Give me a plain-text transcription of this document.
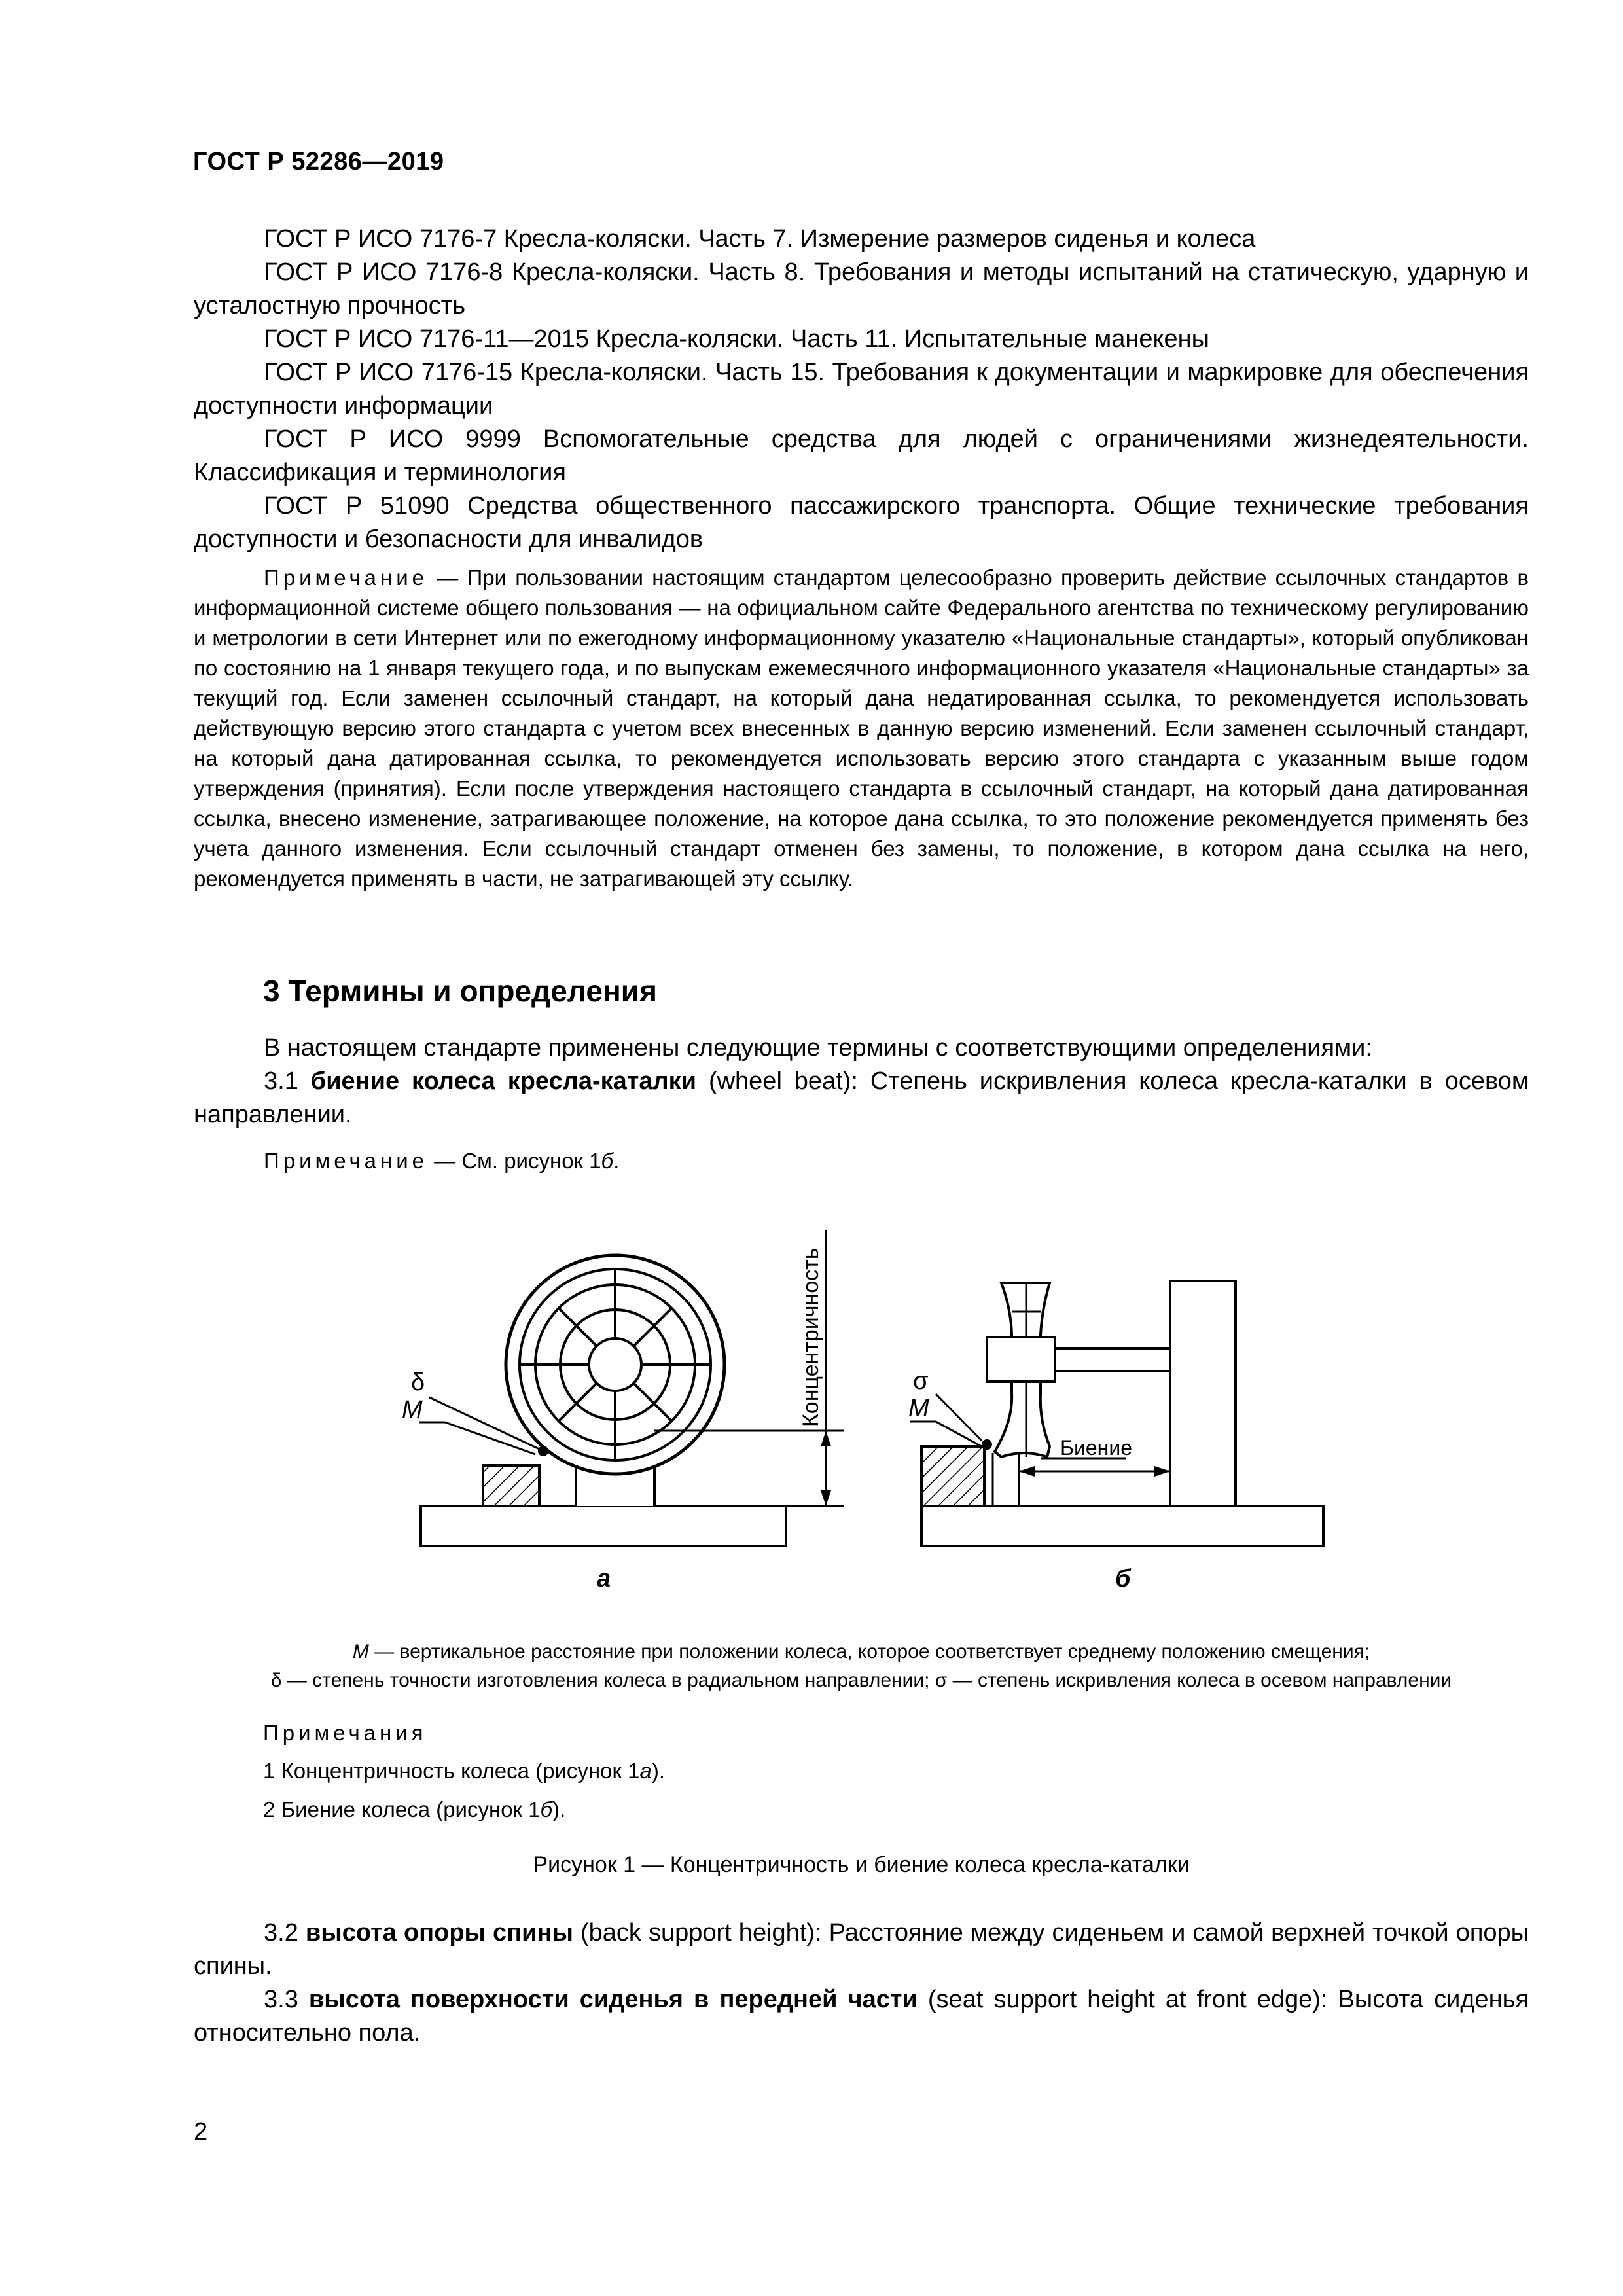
ГОСТ Р 52286—2019
ГОСТ Р ИСО 7176-7 Кресла-коляски. Часть 7. Измерение размеров сиденья и колеса
ГОСТ Р ИСО 7176-8 Кресла-коляски. Часть 8. Требования и методы испытаний на статическую, ударную и усталостную прочность
ГОСТ Р ИСО 7176-11—2015 Кресла-коляски. Часть 11. Испытательные манекены
ГОСТ Р ИСО 7176-15 Кресла-коляски. Часть 15. Требования к документации и маркировке для обеспечения доступности информации
ГОСТ Р ИСО 9999 Вспомогательные средства для людей с ограничениями жизнедеятельности. Классификация и терминология
ГОСТ Р 51090 Средства общественного пассажирского транспорта. Общие технические требования доступности и безопасности для инвалидов
Примечание — При пользовании настоящим стандартом целесообразно проверить действие ссылочных стандартов в информационной системе общего пользования — на официальном сайте Федерального агентства по техническому регулированию и метрологии в сети Интернет или по ежегодному информационному указателю «Национальные стандарты», который опубликован по состоянию на 1 января текущего года, и по выпускам ежемесячного информационного указателя «Национальные стандарты» за текущий год. Если заменен ссылочный стандарт, на который дана недатированная ссылка, то рекомендуется использовать действующую версию этого стандарта с учетом всех внесенных в данную версию изменений. Если заменен ссылочный стандарт, на который дана датированная ссылка, то рекомендуется использовать версию этого стандарта с указанным выше годом утверждения (принятия). Если после утверждения настоящего стандарта в ссылочный стандарт, на который дана датированная ссылка, внесено изменение, затрагивающее положение, на которое дана ссылка, то это положение рекомендуется применять без учета данного изменения. Если ссылочный стандарт отменен без замены, то положение, в котором дана ссылка на него, рекомендуется применять в части, не затрагивающей эту ссылку.
3 Термины и определения
В настоящем стандарте применены следующие термины с соответствующими определениями:
3.1 биение колеса кресла-каталки (wheel beat): Степень искривления колеса кресла-каталки в осевом направлении.
Примечание — См. рисунок 1б.
δ
M	Концентричность
а
Биение
σ
M
б
M — вертикальное расстояние при положении колеса, которое соответствует среднему положению смещения;
δ — степень точности изготовления колеса в радиальном направлении; σ — степень искривления колеса в осевом направлении
Примечания
1 Концентричность колеса (рисунок 1а).
2 Биение колеса (рисунок 1б).
Рисунок 1 — Концентричность и биение колеса кресла-каталки
3.2 высота опоры спины (back support height): Расстояние между сиденьем и самой верхней точкой опоры спины.
3.3 высота поверхности сиденья в передней части (seat support height at front edge): Высота сиденья относительно пола.
2
